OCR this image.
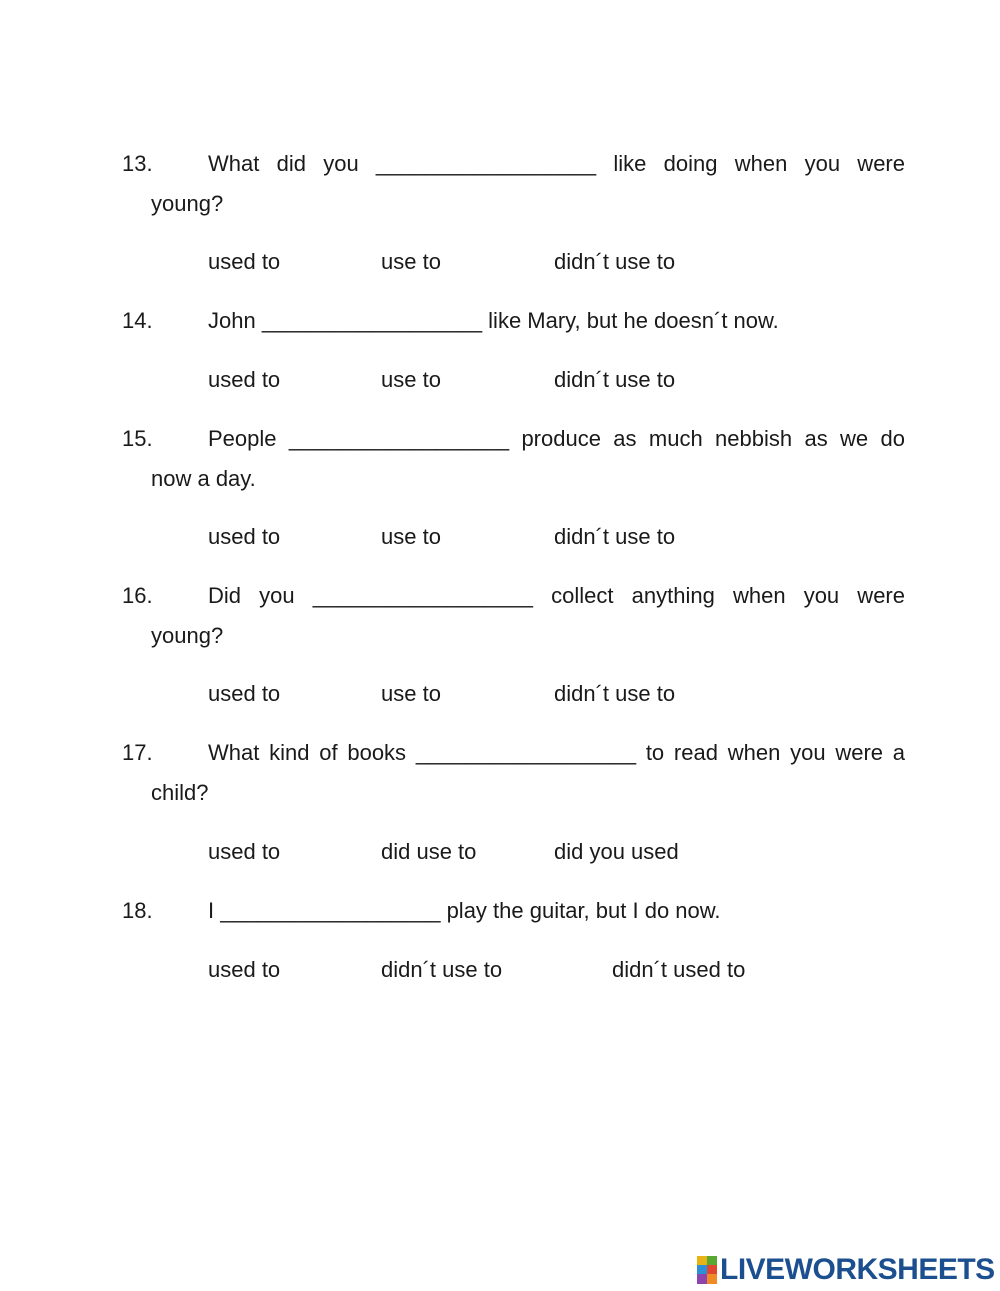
13.	What did you __________________ like doing when you were
young?
used to	use to	didn´t use to
14.	John __________________ like Mary, but he doesn´t now.
used to	use to	didn´t use to
15.	People __________________ produce as much nebbish as we do
now a day.
used to	use to	didn´t use to
16.	Did you __________________ collect anything when you were
young?
used to	use to	didn´t use to
17.	What kind of books __________________ to read when you were a
child?
used to	did use to	did you used
18.	I __________________ play the guitar, but I do now.
used to	didn´t use to	didn´t used to
LIVEWORKSHEETS
